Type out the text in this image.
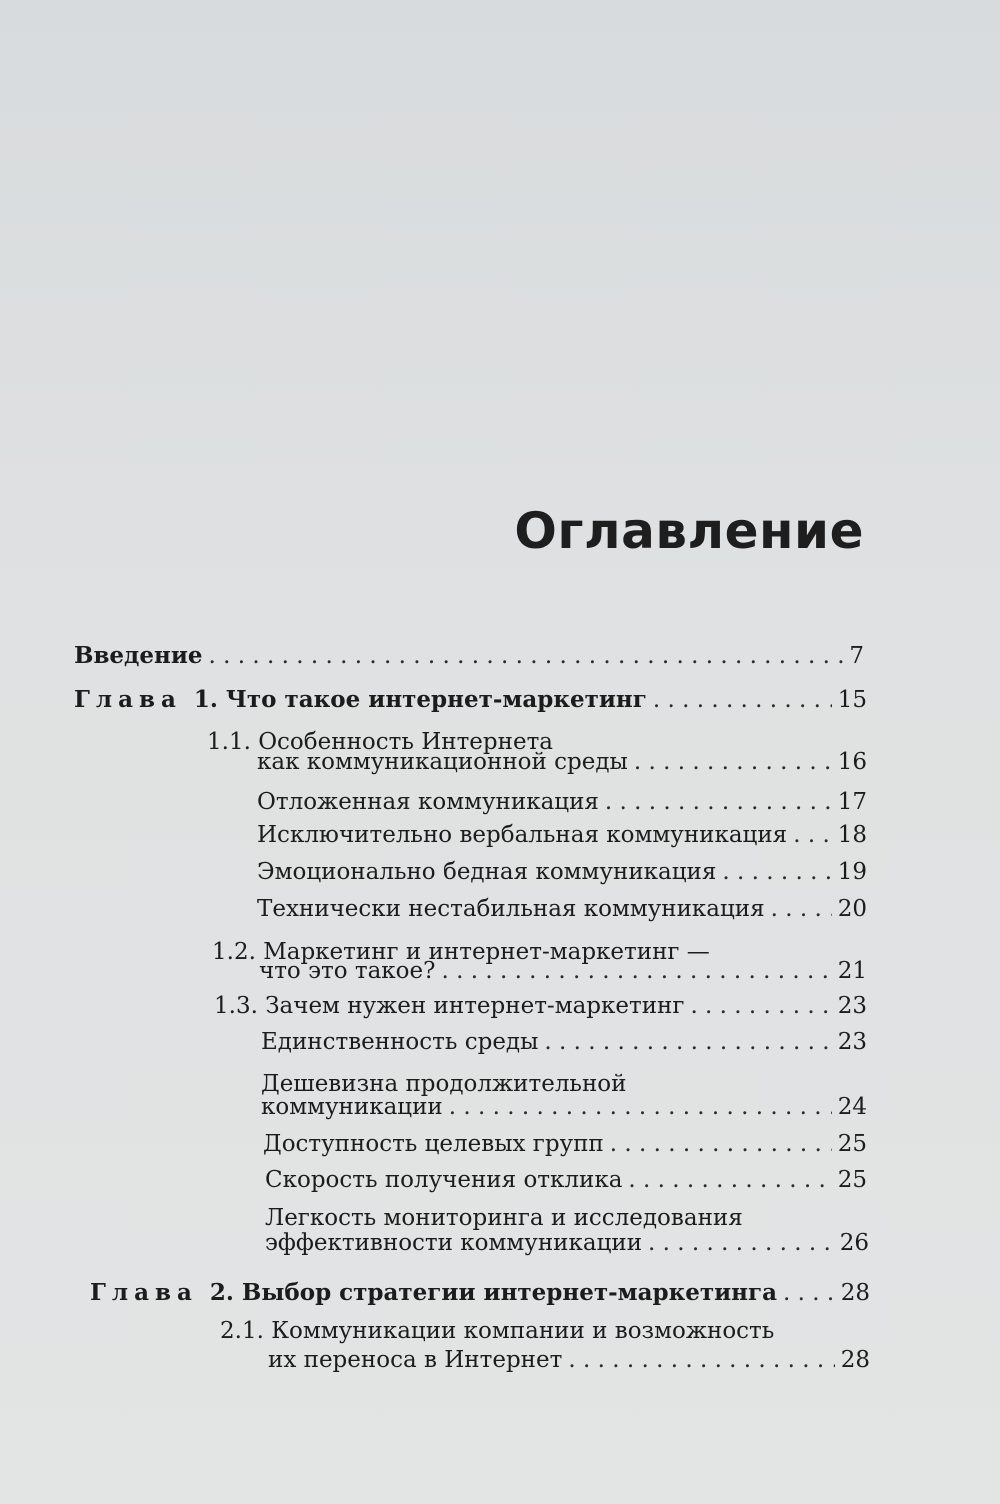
Оглавление
Введение . . .	7
Глава 1. Что такое интернет-маркетинг . . .	15
1.1. Особенность Интернета
как коммуникационной среды . . .	16
Отложенная коммуникация . . .	17
Исключительно вербальная коммуникация . . . 18
Эмоционально бедная коммуникация . . .	19
Технически нестабильная коммуникация . . .	20
1.2. Маркетинг и интернет-маркетинг —
что это такое? . . .	21
1.3. Зачем нужен интернет-маркетинг . . .	23
Единственность среды . . .	23
Дешевизна продолжительной
коммуникации . . .	24
Доступность целевых групп . . .	25
Скорость получения отклика . . .	25
Легкость мониторинга и исследования
эффективности коммуникации . . .	26
Глава 2. Выбор стратегии интернет-маркетинга . . .	28
2.1. Коммуникации компании и возможность
их переноса в Интернет . . .	28
